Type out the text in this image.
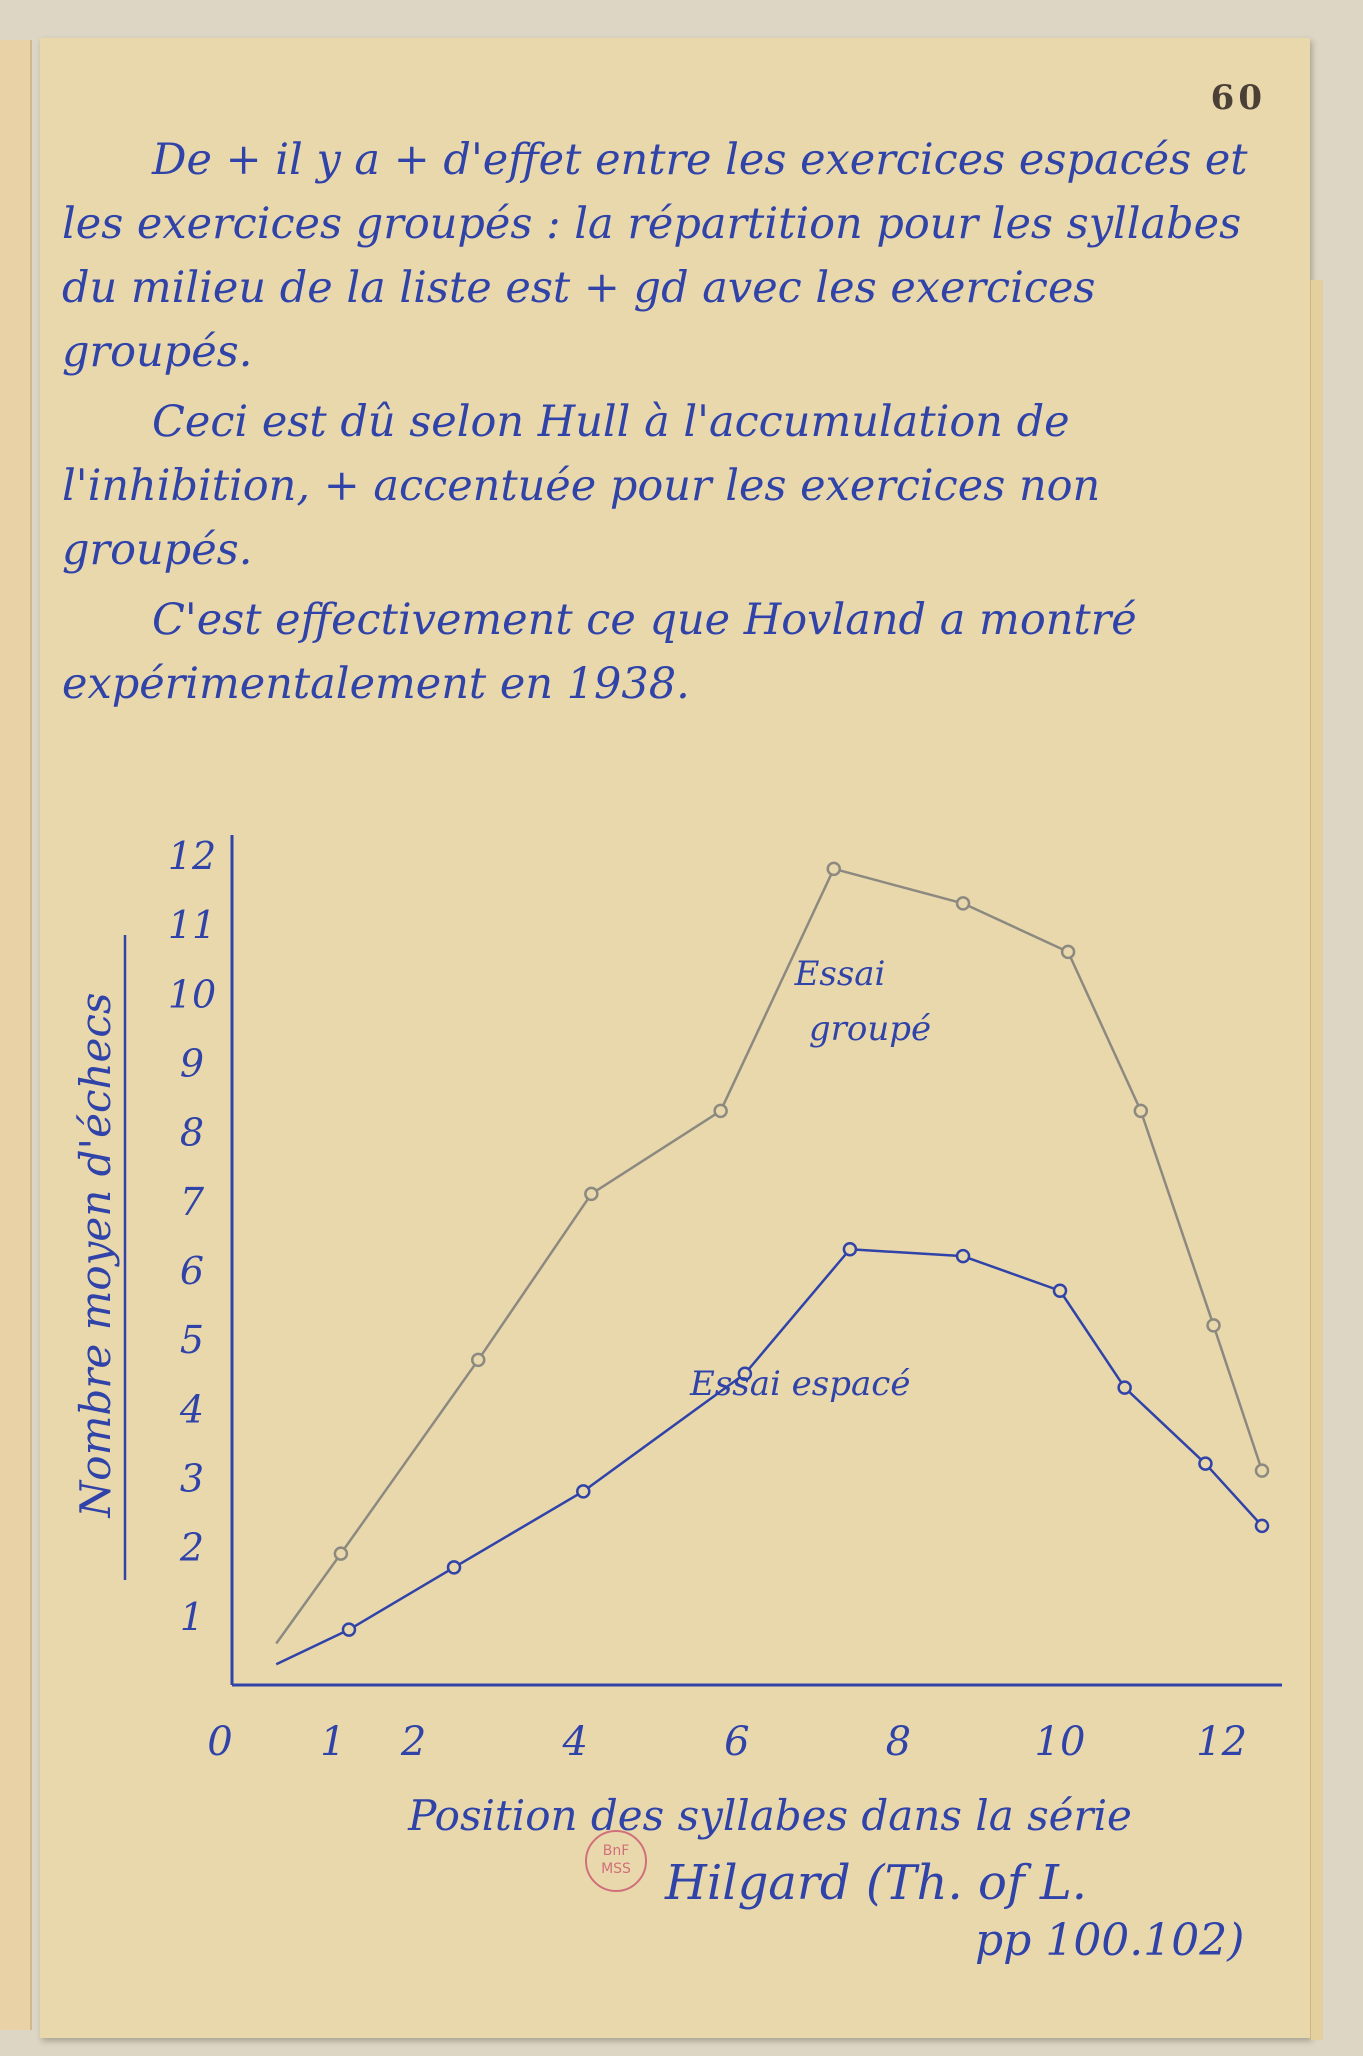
60

De + il y a + d'effet entre les exercices espacés et les exercices groupés : la répartition pour les syllabes du milieu de la liste est + gd avec les exercices groupés.

Ceci est dû selon Hull à l'accumulation de l'inhibition, + accentuée pour les exercices non groupés.

C'est effectivement ce que Hovland a montré expérimentalement en 1938.

1
2
3
4
5
6
7
8
9
10
11
12
0 1 2	4	6	8	10	12
Essai
groupé
Essai espacé
Position des syllabes dans la série
Nombre moyen d'échecs
BnF
MSS Hilgard (Th. of L.
pp 100.102)
